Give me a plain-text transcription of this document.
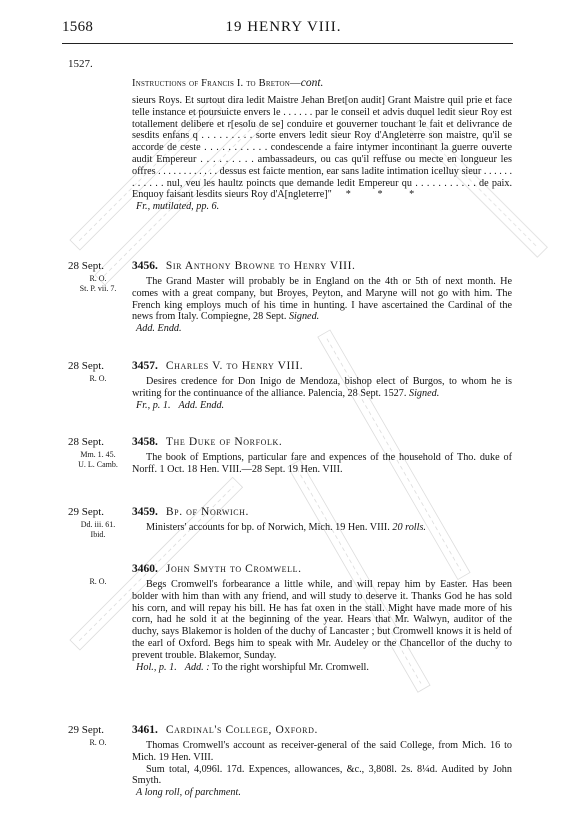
1568	19 HENRY VIII.
1527.
Instructions of Francis I. to Breton—cont.

sieurs Roys. Et surtout dira ledit Maistre Jehan Bret[on audit] Grant Maistre quil prie et face telle instance et poursuicte envers le . . . . . . par le conseil et advis duquel ledit sieur Roy est totallement delibere et r[esolu de se] conduire et gouverner touchant le fait et delivrance de sesdits enfans q . . . . . . . . . sorte envers ledit sieur Roy d'Angleterre son maistre, qu'il se accorde de ceste . . . . . . . . . . . condescende a faire intymer incontinant la guerre ouverte audit Empereur . . . . . . . . . ambassadeurs, ou cas qu'il reffuse ou mecte en longueur les offres . . . . . . . . . . . . dessus est faicte mention, ear sans ladite intimation icelluy sieur . . . . . . . . . . . . nul, veu les haultz poincts que demande ledit Empereur qu . . . . . . . . . . . de paix. Enquoy faisant lesdits sieurs Roy d'A[ngleterre]" * * *

Fr., mutilated, pp. 6.

28 Sept.
R. O.
St. P. vii. 7.
3456. Sir Anthony Browne to Henry VIII.

The Grand Master will probably be in England on the 4th or 5th of next month. He comes with a great company, but Broyes, Peyton, and Maryne will not go with him. The French king employs much of his time in hunting. I have ascertained the Cardinal of the news from Italy. Compiegne, 28 Sept. Signed.

Add. Endd.

28 Sept.
R. O.
3457. Charles V. to Henry VIII.

Desires credence for Don Inigo de Mendoza, bishop elect of Burgos, to whom he is writing for the continuance of the alliance. Palencia, 28 Sept. 1527. Signed.

Fr., p. 1. Add. Endd.

28 Sept.
Mm. 1. 45.
U. L. Camb.
3458. The Duke of Norfolk.

The book of Emptions, particular fare and expences of the household of Tho. duke of Norff. 1 Oct. 18 Hen. VIII.—28 Sept. 19 Hen. VIII.

29 Sept.
Dd. iii. 61.
Ibid.
3459. Bp. of Norwich.

Ministers' accounts for bp. of Norwich, Mich. 19 Hen. VIII. 20 rolls.

R. O.
3460. John Smyth to Cromwell.

Begs Cromwell's forbearance a little while, and will repay him by Easter. Has been bolder with him than with any friend, and will study to deserve it. Thanks God he has sold his corn, and will repay his bill. He has fat oxen in the stall. Might have made more of his corn, had he sold it at the beginning of the year. Hears that Mr. Walwyn, auditor of the duchy, says Blakemor is holden of the duchy of Lancaster ; but Cromwell knows it is held of the earl of Oxford. Begs him to speak with Mr. Audeley or the Chancellor of the duchy to prevent trouble. Blakemor, Sunday.

Hol., p. 1. Add. : To the right worshipful Mr. Cromwell.

29 Sept.
R. O.
3461. Cardinal's College, Oxford.

Thomas Cromwell's account as receiver-general of the said College, from Mich. 16 to Mich. 19 Hen. VIII.

Sum total, 4,096l. 17d. Expences, allowances, &c., 3,808l. 2s. 8¼d. Audited by John Smyth.

A long roll, of parchment.
